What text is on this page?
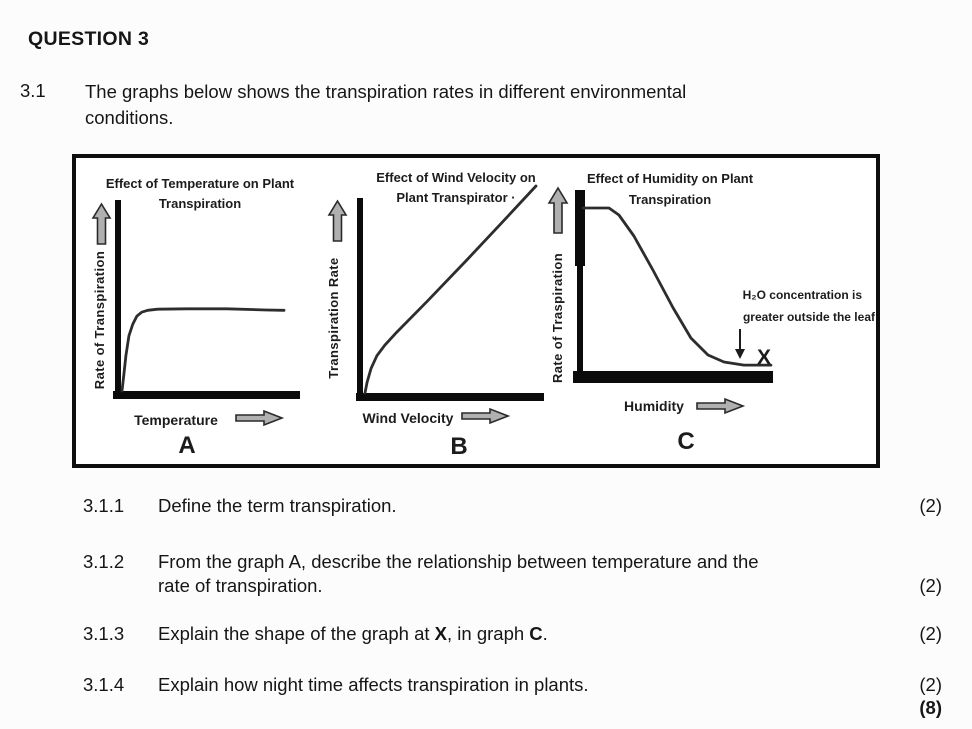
QUESTION 3
3.1 The graphs below shows the transpiration rates in different environmental
conditions.
Effect of Temperature on Plant
Transpiration
Rate of Transpiration
Temperature
A
Effect of Wind Velocity on
Plant Transpirator ·
Transpiration Rate
Wind Velocity
B
Effect of Humidity on Plant
Transpiration
Rate of Traspiration	H₂O concentration is
greater outside the leaf
X
Humidity
C
3.1.1 Define the term transpiration.	(2)
3.1.2 From the graph A, describe the relationship between temperature and the
rate of transpiration.	(2)
3.1.3 Explain the shape of the graph at X, in graph C.	(2)
3.1.4 Explain how night time affects transpiration in plants.	(2)
(8)
